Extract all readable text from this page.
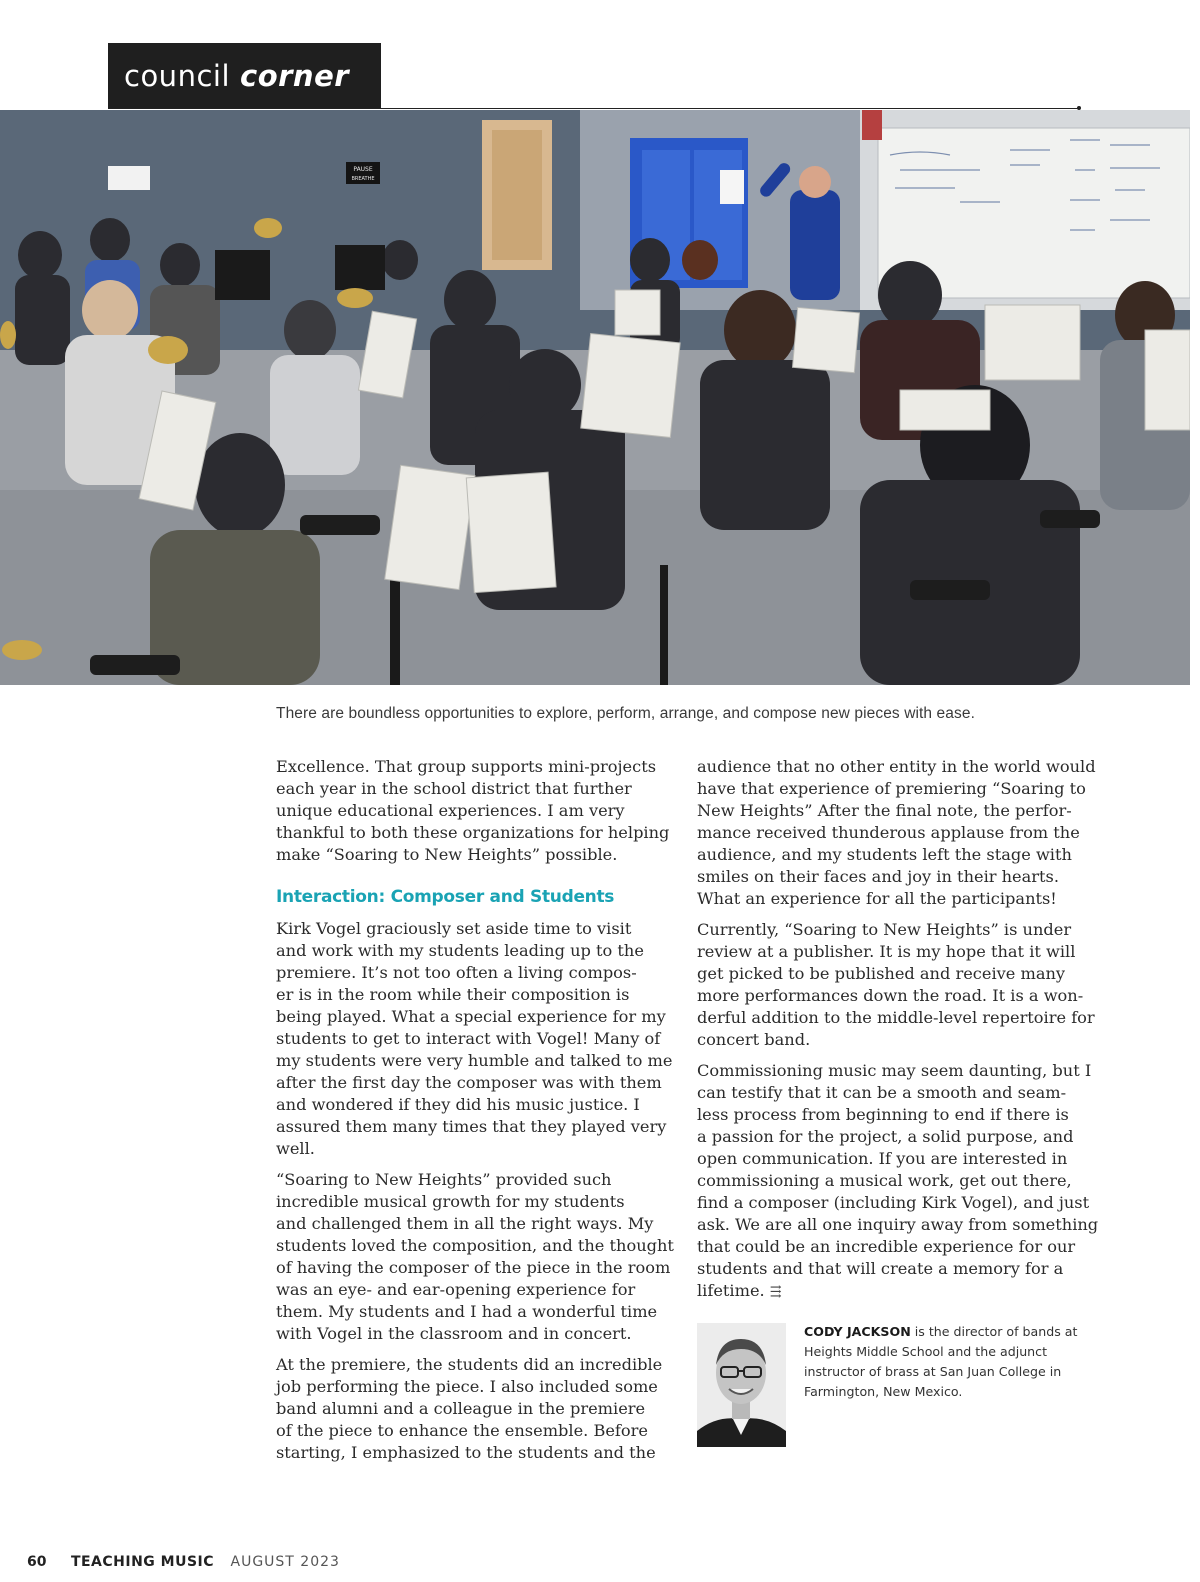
council corner
PAUSE
BREATHE
There are boundless opportunities to explore, perform, arrange, and compose new pieces with ease.

Excellence. That group supports mini-projects
each year in the school district that further
unique educational experiences. I am very
thankful to both these organizations for helping
make “Soaring to New Heights” possible.

Interaction: Composer and Students

Kirk Vogel graciously set aside time to visit
and work with my students leading up to the
premiere. It’s not too often a living compos-
er is in the room while their composition is
being played. What a special experience for my
students to get to interact with Vogel! Many of
my students were very humble and talked to me
after the first day the composer was with them
and wondered if they did his music justice. I
assured them many times that they played very
well.

“Soaring to New Heights” provided such
incredible musical growth for my students
and challenged them in all the right ways. My
students loved the composition, and the thought
of having the composer of the piece in the room
was an eye- and ear-opening experience for
them. My students and I had a wonderful time
with Vogel in the classroom and in concert.

At the premiere, the students did an incredible
job performing the piece. I also included some
band alumni and a colleague in the premiere
of the piece to enhance the ensemble. Before
starting, I emphasized to the students and the

audience that no other entity in the world would
have that experience of premiering “Soaring to
New Heights” After the final note, the perfor-
mance received thunderous applause from the
audience, and my students left the stage with
smiles on their faces and joy in their hearts.
What an experience for all the participants!

Currently, “Soaring to New Heights” is under
review at a publisher. It is my hope that it will
get picked to be published and receive many
more performances down the road. It is a won-
derful addition to the middle-level repertoire for
concert band.

Commissioning music may seem daunting, but I
can testify that it can be a smooth and seam-
less process from beginning to end if there is
a passion for the project, a solid purpose, and
open communication. If you are interested in
commissioning a musical work, get out there,
find a composer (including Kirk Vogel), and just
ask. We are all one inquiry away from something
that could be an incredible experience for our
students and that will create a memory for a
lifetime. ⇶

CODY JACKSON is the director of bands at
Heights Middle School and the adjunct
instructor of brass at San Juan College in
Farmington, New Mexico.
60 TEACHING MUSIC AUGUST 2023
